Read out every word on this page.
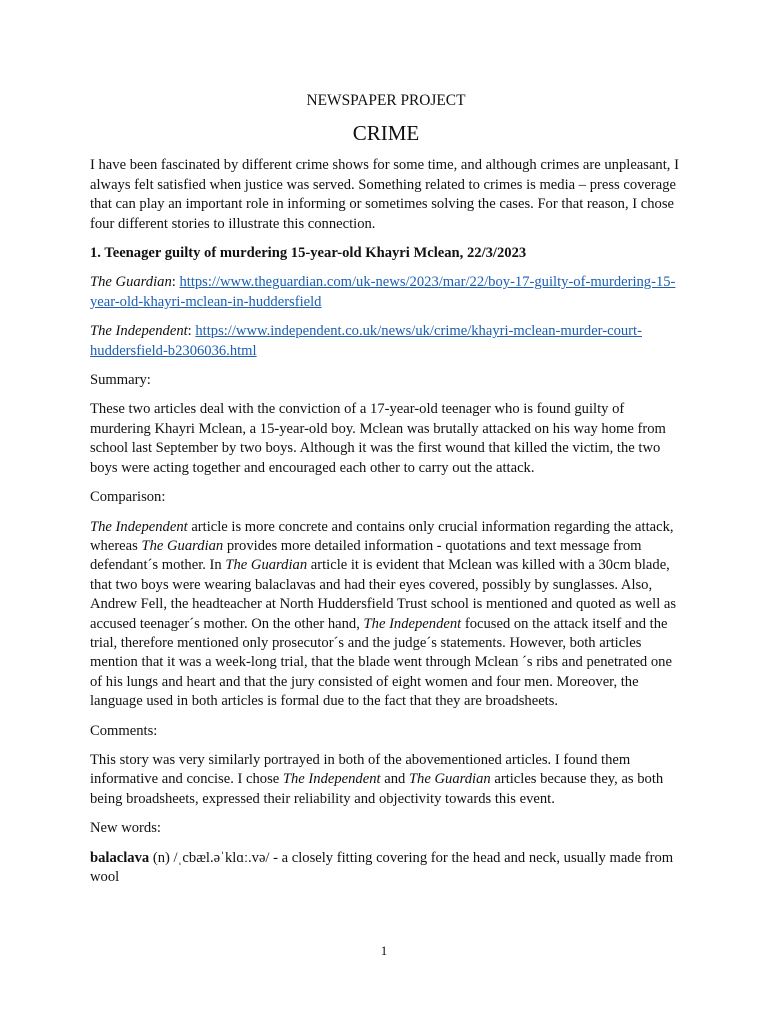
NEWSPAPER PROJECT
CRIME

I have been fascinated by different crime shows for some time, and although crimes are unpleasant, I always felt satisfied when justice was served. Something related to crimes is media – press coverage that can play an important role in informing or sometimes solving the cases. For that reason, I chose four different stories to illustrate this connection.

1. Teenager guilty of murdering 15-year-old Khayri Mclean, 22/3/2023

The Guardian: https://www.theguardian.com/uk-news/2023/mar/22/boy-17-guilty-of-murdering-15-year-old-khayri-mclean-in-huddersfield

The Independent: https://www.independent.co.uk/news/uk/crime/khayri-mclean-murder-court-huddersfield-b2306036.html

Summary:

These two articles deal with the conviction of a 17-year-old teenager who is found guilty of murdering Khayri Mclean, a 15-year-old boy. Mclean was brutally attacked on his way home from school last September by two boys. Although it was the first wound that killed the victim, the two boys were acting together and encouraged each other to carry out the attack.

Comparison:

The Independent article is more concrete and contains only crucial information regarding the attack, whereas The Guardian provides more detailed information - quotations and text message from defendant´s mother. In The Guardian article it is evident that Mclean was killed with a 30cm blade, that two boys were wearing balaclavas and had their eyes covered, possibly by sunglasses. Also, Andrew Fell, the headteacher at North Huddersfield Trust school is mentioned and quoted as well as accused teenager´s mother. On the other hand, The Independent focused on the attack itself and the trial, therefore mentioned only prosecutor´s and the judge´s statements. However, both articles mention that it was a week-long trial, that the blade went through Mclean ´s ribs and penetrated one of his lungs and heart and that the jury consisted of eight women and four men. Moreover, the language used in both articles is formal due to the fact that they are broadsheets.

Comments:

This story was very similarly portrayed in both of the abovementioned articles. I found them informative and concise. I chose The Independent and The Guardian articles because they, as both being broadsheets, expressed their reliability and objectivity towards this event.

New words:

balaclava (n) /ˌcbæl.əˈklɑː.və/ - a closely fitting covering for the head and neck, usually made from wool

1
